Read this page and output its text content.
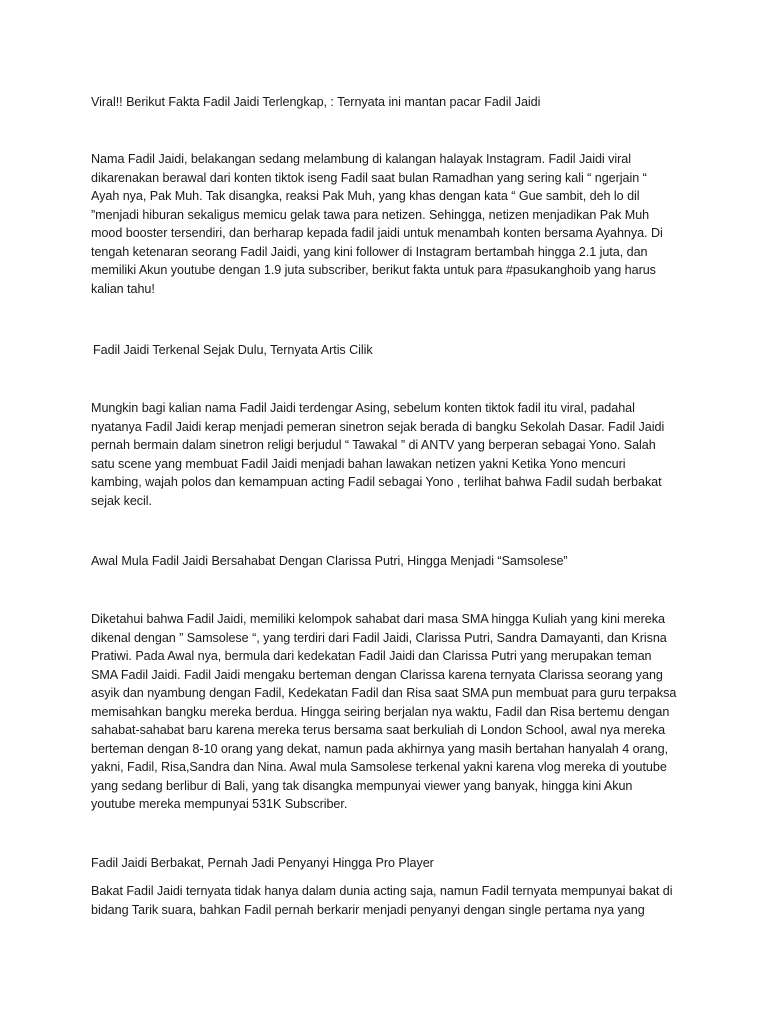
Viral!! Berikut Fakta Fadil Jaidi Terlengkap, : Ternyata ini mantan pacar Fadil Jaidi

Nama Fadil Jaidi, belakangan sedang melambung di kalangan halayak Instagram. Fadil Jaidi viral
dikarenakan berawal dari konten tiktok iseng Fadil saat bulan Ramadhan yang sering kali “ ngerjain “
Ayah nya, Pak Muh. Tak disangka, reaksi Pak Muh, yang khas dengan kata “ Gue sambit, deh lo dil
”menjadi hiburan sekaligus memicu gelak tawa para netizen. Sehingga, netizen menjadikan Pak Muh
mood booster tersendiri, dan berharap kepada fadil jaidi untuk menambah konten bersama Ayahnya. Di
tengah ketenaran seorang Fadil Jaidi, yang kini follower di Instagram bertambah hingga 2.1 juta, dan
memiliki Akun youtube dengan 1.9 juta subscriber, berikut fakta untuk para #pasukanghoib yang harus
kalian tahu!

Fadil Jaidi Terkenal Sejak Dulu, Ternyata Artis Cilik

Mungkin bagi kalian nama Fadil Jaidi terdengar Asing, sebelum konten tiktok fadil itu viral, padahal
nyatanya Fadil Jaidi kerap menjadi pemeran sinetron sejak berada di bangku Sekolah Dasar. Fadil Jaidi
pernah bermain dalam sinetron religi berjudul “ Tawakal ” di ANTV yang berperan sebagai Yono. Salah
satu scene yang membuat Fadil Jaidi menjadi bahan lawakan netizen yakni Ketika Yono mencuri
kambing, wajah polos dan kemampuan acting Fadil sebagai Yono , terlihat bahwa Fadil sudah berbakat
sejak kecil.

Awal Mula Fadil Jaidi Bersahabat Dengan Clarissa Putri, Hingga Menjadi “Samsolese”

Diketahui bahwa Fadil Jaidi, memiliki kelompok sahabat dari masa SMA hingga Kuliah yang kini mereka
dikenal dengan ” Samsolese “, yang terdiri dari Fadil Jaidi, Clarissa Putri, Sandra Damayanti, dan Krisna
Pratiwi. Pada Awal nya, bermula dari kedekatan Fadil Jaidi dan Clarissa Putri yang merupakan teman
SMA Fadil Jaidi. Fadil Jaidi mengaku berteman dengan Clarissa karena ternyata Clarissa seorang yang
asyik dan nyambung dengan Fadil, Kedekatan Fadil dan Risa saat SMA pun membuat para guru terpaksa
memisahkan bangku mereka berdua. Hingga seiring berjalan nya waktu, Fadil dan Risa bertemu dengan
sahabat-sahabat baru karena mereka terus bersama saat berkuliah di London School, awal nya mereka
berteman dengan 8-10 orang yang dekat, namun pada akhirnya yang masih bertahan hanyalah 4 orang,
yakni, Fadil, Risa,Sandra dan Nina. Awal mula Samsolese terkenal yakni karena vlog mereka di youtube
yang sedang berlibur di Bali, yang tak disangka mempunyai viewer yang banyak, hingga kini Akun
youtube mereka mempunyai 531K Subscriber.

Fadil Jaidi Berbakat, Pernah Jadi Penyanyi Hingga Pro Player

Bakat Fadil Jaidi ternyata tidak hanya dalam dunia acting saja, namun Fadil ternyata mempunyai bakat di
bidang Tarik suara, bahkan Fadil pernah berkarir menjadi penyanyi dengan single pertama nya yang
